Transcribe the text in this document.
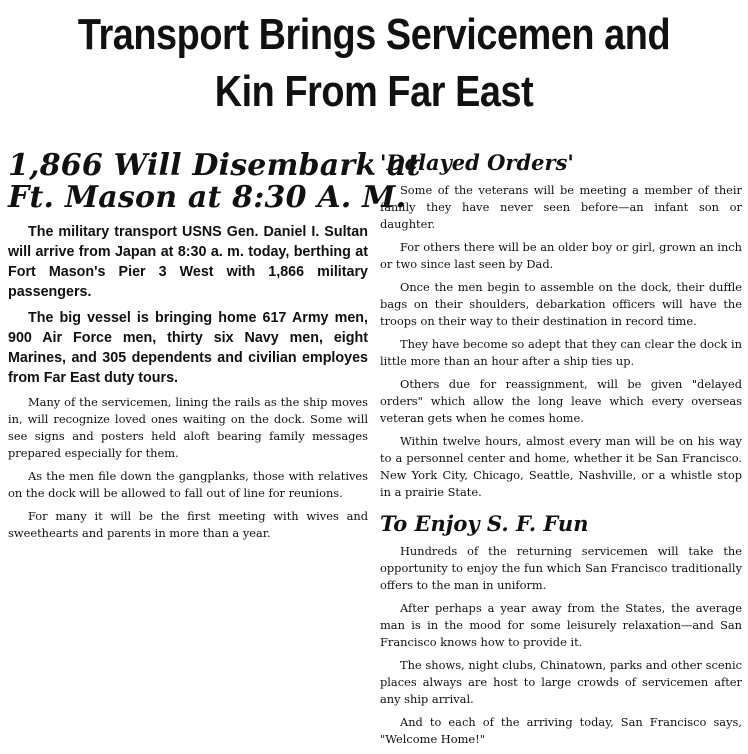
Transport Brings Servicemen and
Kin From Far East
1,866 Will Disembark at
Ft. Mason at 8:30 A. M.

The military transport USNS Gen. Daniel I. Sultan will arrive from Japan at 8:30 a. m. today, berthing at Fort Mason's Pier 3 West with 1,866 military passengers.

The big vessel is bringing home 617 Army men, 900 Air Force men, thirty six Navy men, eight Marines, and 305 dependents and civilian employes from Far East duty tours.

Many of the servicemen, lining the rails as the ship moves in, will recognize loved ones waiting on the dock. Some will see signs and posters held aloft bearing family messages prepared especially for them.

As the men file down the gangplanks, those with relatives on the dock will be allowed to fall out of line for reunions.

For many it will be the first meeting with wives and sweethearts and parents in more than a year.

'Delayed Orders'

Some of the veterans will be meeting a member of their family they have never seen before—an infant son or daughter.

For others there will be an older boy or girl, grown an inch or two since last seen by Dad.

Once the men begin to assemble on the dock, their duffle bags on their shoulders, debarkation officers will have the troops on their way to their destination in record time.

They have become so adept that they can clear the dock in little more than an hour after a ship ties up.

Others due for reassignment, will be given "delayed orders" which allow the long leave which every overseas veteran gets when he comes home.

Within twelve hours, almost every man will be on his way to a personnel center and home, whether it be San Francisco. New York City, Chicago, Seattle, Nashville, or a whistle stop in a prairie State.

To Enjoy S. F. Fun

Hundreds of the returning servicemen will take the opportunity to enjoy the fun which San Francisco traditionally offers to the man in uniform.

After perhaps a year away from the States, the average man is in the mood for some leisurely relaxation—and San Francisco knows how to provide it.

The shows, night clubs, Chinatown, parks and other scenic places always are host to large crowds of servicemen after any ship arrival.

And to each of the arriving today, San Francisco says, "Welcome Home!"
